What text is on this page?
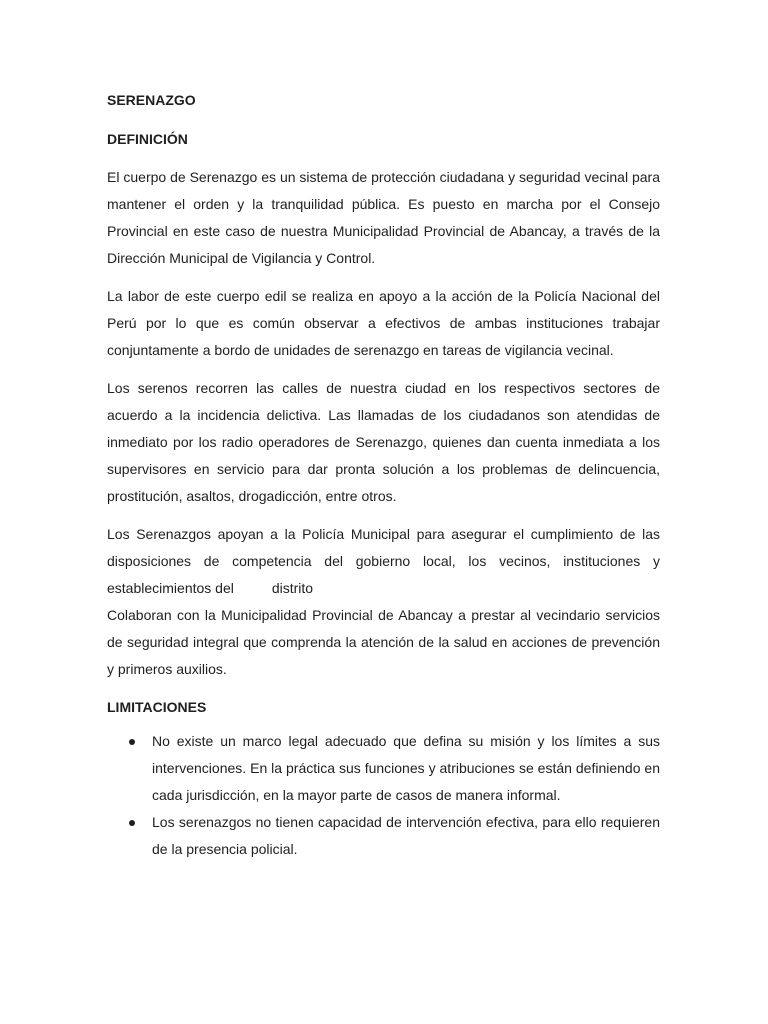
SERENAZGO
DEFINICIÓN

El cuerpo de Serenazgo es un sistema de protección ciudadana y seguridad vecinal para mantener el orden y la tranquilidad pública. Es puesto en marcha por el Consejo Provincial en este caso de nuestra Municipalidad Provincial de Abancay, a través de la Dirección Municipal de Vigilancia y Control.

La labor de este cuerpo edil se realiza en apoyo a la acción de la Policía Nacional del Perú por lo que es común observar a efectivos de ambas instituciones trabajar conjuntamente a bordo de unidades de serenazgo en tareas de vigilancia vecinal.

Los serenos recorren las calles de nuestra ciudad en los respectivos sectores de acuerdo a la incidencia delictiva. Las llamadas de los ciudadanos son atendidas de inmediato por los radio operadores de Serenazgo, quienes dan cuenta inmediata a los supervisores en servicio para dar pronta solución a los problemas de delincuencia, prostitución, asaltos, drogadicción, entre otros.

Los Serenazgos apoyan a la Policía Municipal para asegurar el cumplimiento de las disposiciones de competencia del gobierno local, los vecinos, instituciones y establecimientos del	distrito

Colaboran con la Municipalidad Provincial de Abancay a prestar al vecindario servicios de seguridad integral que comprenda la atención de la salud en acciones de prevención y primeros auxilios.

LIMITACIONES
No existe un marco legal adecuado que defina su misión y los límites a sus intervenciones. En la práctica sus funciones y atribuciones se están definiendo en cada jurisdicción, en la mayor parte de casos de manera informal.
Los serenazgos no tienen capacidad de intervención efectiva, para ello requieren de la presencia policial.
